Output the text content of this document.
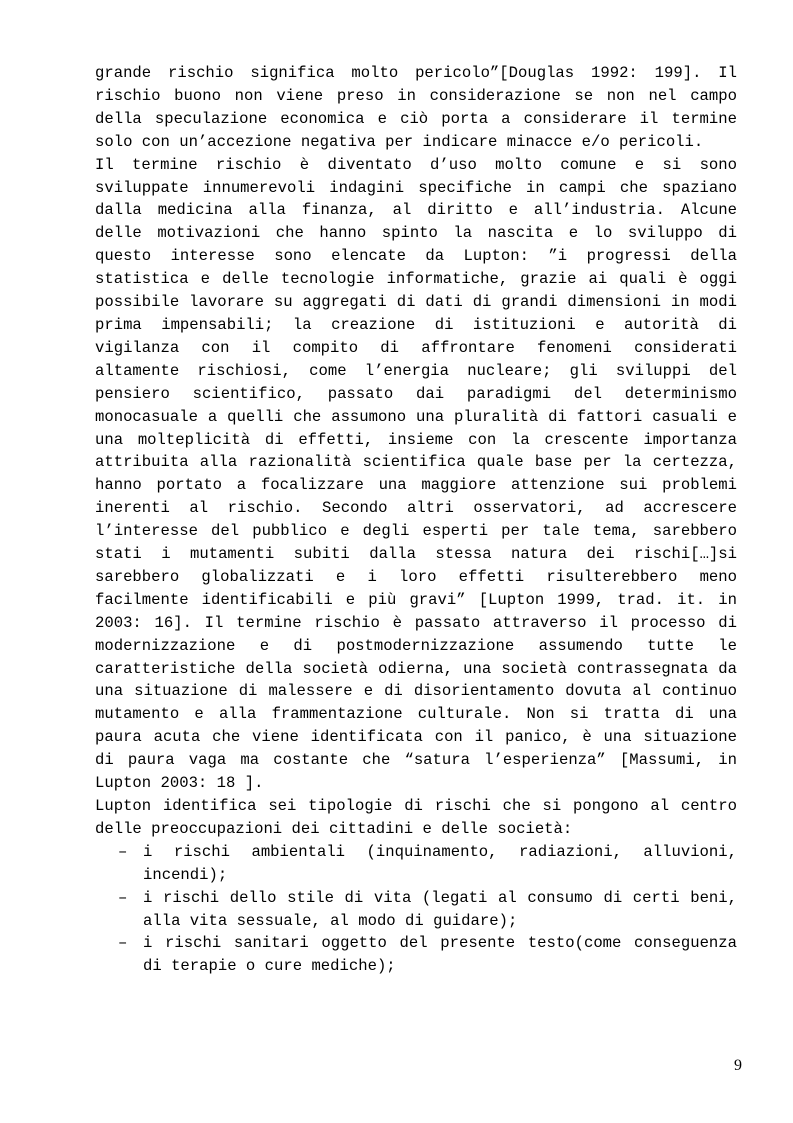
grande rischio significa molto pericolo”[Douglas 1992: 199]. Il rischio buono non viene preso in considerazione se non nel campo della speculazione economica e ciò porta a considerare il termine solo con un’accezione negativa per indicare minacce e/o pericoli.

Il termine rischio è diventato d’uso molto comune e si sono sviluppate innumerevoli indagini specifiche in campi che spaziano dalla medicina alla finanza, al diritto e all’industria. Alcune delle motivazioni che hanno spinto la nascita e lo sviluppo di questo interesse sono elencate da Lupton: ”i progressi della statistica e delle tecnologie informatiche, grazie ai quali è oggi possibile lavorare su aggregati di dati di grandi dimensioni in modi prima impensabili; la creazione di istituzioni e autorità di vigilanza con il compito di affrontare fenomeni considerati altamente rischiosi, come l’energia nucleare; gli sviluppi del pensiero scientifico, passato dai paradigmi del determinismo monocasuale a quelli che assumono una pluralità di fattori casuali e una molteplicità di effetti, insieme con la crescente importanza attribuita alla razionalità scientifica quale base per la certezza, hanno portato a focalizzare una maggiore attenzione sui problemi inerenti al rischio. Secondo altri osservatori, ad accrescere l’interesse del pubblico e degli esperti per tale tema, sarebbero stati i mutamenti subiti dalla stessa natura dei rischi[…]si sarebbero globalizzati e i loro effetti risulterebbero meno facilmente identificabili e più gravi” [Lupton 1999, trad. it. in 2003: 16]. Il termine rischio è passato attraverso il processo di modernizzazione e di postmodernizzazione assumendo tutte le caratteristiche della società odierna, una società contrassegnata da una situazione di malessere e di disorientamento dovuta al continuo mutamento e alla frammentazione culturale. Non si tratta di una paura acuta che viene identificata con il panico, è una situazione di paura vaga ma costante che “satura l’esperienza” [Massumi, in Lupton 2003: 18 ].

Lupton identifica sei tipologie di rischi che si pongono al centro delle preoccupazioni dei cittadini e delle società:

– i rischi ambientali (inquinamento, radiazioni, alluvioni, incendi);
– i rischi dello stile di vita (legati al consumo di certi beni, alla vita sessuale, al modo di guidare);
– i rischi sanitari oggetto del presente testo(come conseguenza di terapie o cure mediche);
9
